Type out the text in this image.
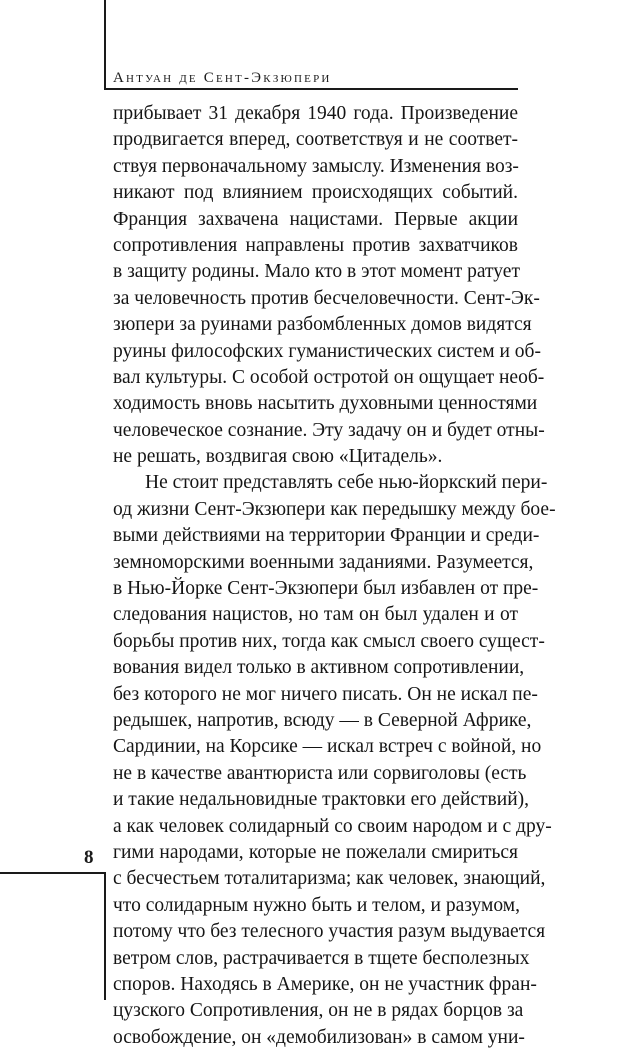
Антуан де Сент-Экзюпери
прибывает 31 декабря 1940 года. Произведение
продвигается вперед, соответствуя и не соответ-
ствуя первоначальному замыслу. Изменения воз-
никают под влиянием происходящих событий.
Франция захвачена нацистами. Первые акции
сопротивления направлены против захватчиков
в защиту родины. Мало кто в этот момент ратует
за человечность против бесчеловечности. Сент-Эк-
зюпери за руинами разбомбленных домов видятся
руины философских гуманистических систем и об-
вал культуры. С особой остротой он ощущает необ-
ходимость вновь насытить духовными ценностями
человеческое сознание. Эту задачу он и будет отны-
не решать, воздвигая свою «Цитадель».
Не стоит представлять себе нью-йоркский пери-
од жизни Сент-Экзюпери как передышку между бое-
выми действиями на территории Франции и среди-
земноморскими военными заданиями. Разумеется,
в Нью-Йорке Сент-Экзюпери был избавлен от пре-
следования нацистов, но там он был удален и от
борьбы против них, тогда как смысл своего сущест-
вования видел только в активном сопротивлении,
без которого не мог ничего писать. Он не искал пе-
редышек, напротив, всюду — в Северной Африке,
Сардинии, на Корсике — искал встреч с войной, но
не в качестве авантюриста или сорвиголовы (есть
и такие недальновидные трактовки его действий),
а как человек солидарный со своим народом и с дру-
гими народами, которые не пожелали смириться
с бесчестьем тоталитаризма; как человек, знающий,
что солидарным нужно быть и телом, и разумом,
потому что без телесного участия разум выдувается
ветром слов, растрачивается в тщете бесполезных
споров. Находясь в Америке, он не участник фран-
цузского Сопротивления, он не в рядах борцов за
освобождение, он «демобилизован» в самом уни-
8
